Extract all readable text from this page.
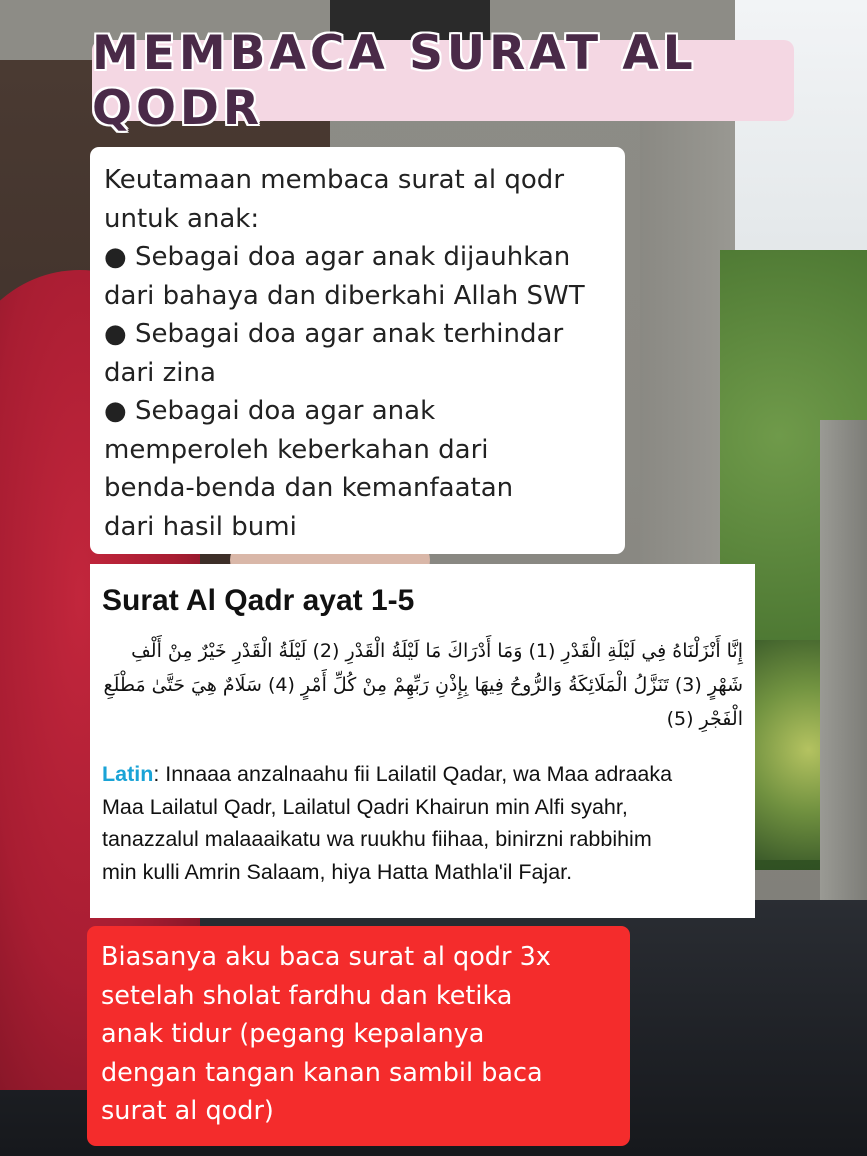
MEMBACA SURAT AL QODR
Keutamaan membaca surat al qodr
untuk anak:
● Sebagai doa agar anak dijauhkan
dari bahaya dan diberkahi Allah SWT
● Sebagai doa agar anak terhindar
dari zina
● Sebagai doa agar anak
memperoleh keberkahan dari
benda-benda dan kemanfaatan
dari hasil bumi
Surat Al Qadr ayat 1-5
إِنَّا أَنْزَلْنَاهُ فِي لَيْلَةِ الْقَدْرِ (1) وَمَا أَدْرَاكَ مَا لَيْلَةُ الْقَدْرِ (2) لَيْلَةُ الْقَدْرِ خَيْرٌ مِنْ أَلْفِ شَهْرٍ (3) تَنَزَّلُ الْمَلَائِكَةُ وَالرُّوحُ فِيهَا بِإِذْنِ رَبِّهِمْ مِنْ كُلِّ أَمْرٍ (4) سَلَامٌ هِيَ حَتَّىٰ مَطْلَعِ الْفَجْرِ (5)
Latin: Innaaa anzalnaahu fii Lailatil Qadar, wa Maa adraaka
Maa Lailatul Qadr, Lailatul Qadri Khairun min Alfi syahr,
tanazzalul malaaaikatu wa ruukhu fiihaa, binirzni rabbihim
min kulli Amrin Salaam, hiya Hatta Mathla'il Fajar.
Biasanya aku baca surat al qodr 3x
setelah sholat fardhu dan ketika
anak tidur (pegang kepalanya
dengan tangan kanan sambil baca
surat al qodr)
